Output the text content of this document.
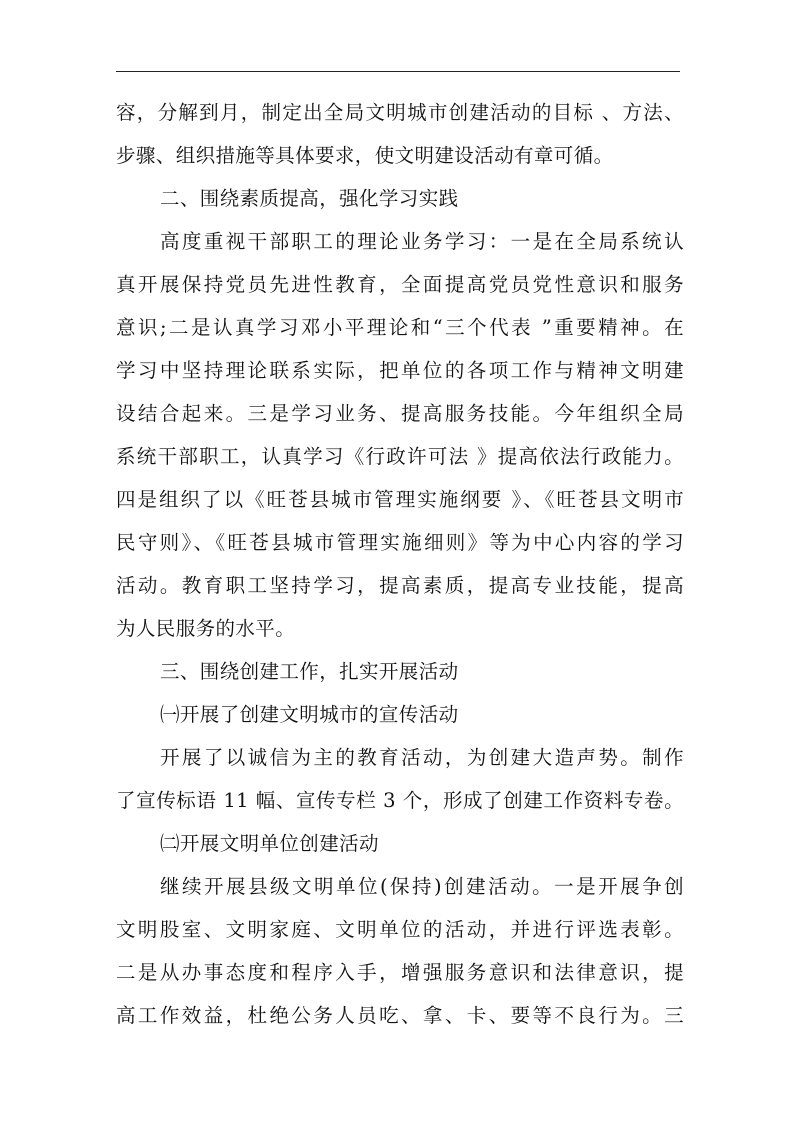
容，分解到月，制定出全局文明城市创建活动的目标 、方法、
步骤、组织措施等具体要求，使文明建设活动有章可循。
二、围绕素质提高，强化学习实践
高度重视干部职工的理论业务学习：一是在全局系统认
真开展保持党员先进性教育，全面提高党员党性意识和服务
意识;二是认真学习邓小平理论和“三个代表 ”重要精神。在
学习中坚持理论联系实际，把单位的各项工作与精神文明建
设结合起来。三是学习业务、提高服务技能。今年组织全局
系统干部职工，认真学习《行政许可法 》提高依法行政能力。
四是组织了以《旺苍县城市管理实施纲要 》、《旺苍县文明市
民守则》、《旺苍县城市管理实施细则》等为中心内容的学习
活动。教育职工坚持学习，提高素质，提高专业技能，提高
为人民服务的水平。
三、围绕创建工作，扎实开展活动
㈠开展了创建文明城市的宣传活动
开展了以诚信为主的教育活动，为创建大造声势。制作
了宣传标语 11 幅、宣传专栏 3 个，形成了创建工作资料专卷。
㈡开展文明单位创建活动
继续开展县级文明单位(保持)创建活动。一是开展争创
文明股室、文明家庭、文明单位的活动，并进行评选表彰。
二是从办事态度和程序入手，增强服务意识和法律意识，提
高工作效益，杜绝公务人员吃、拿、卡、要等不良行为。三
